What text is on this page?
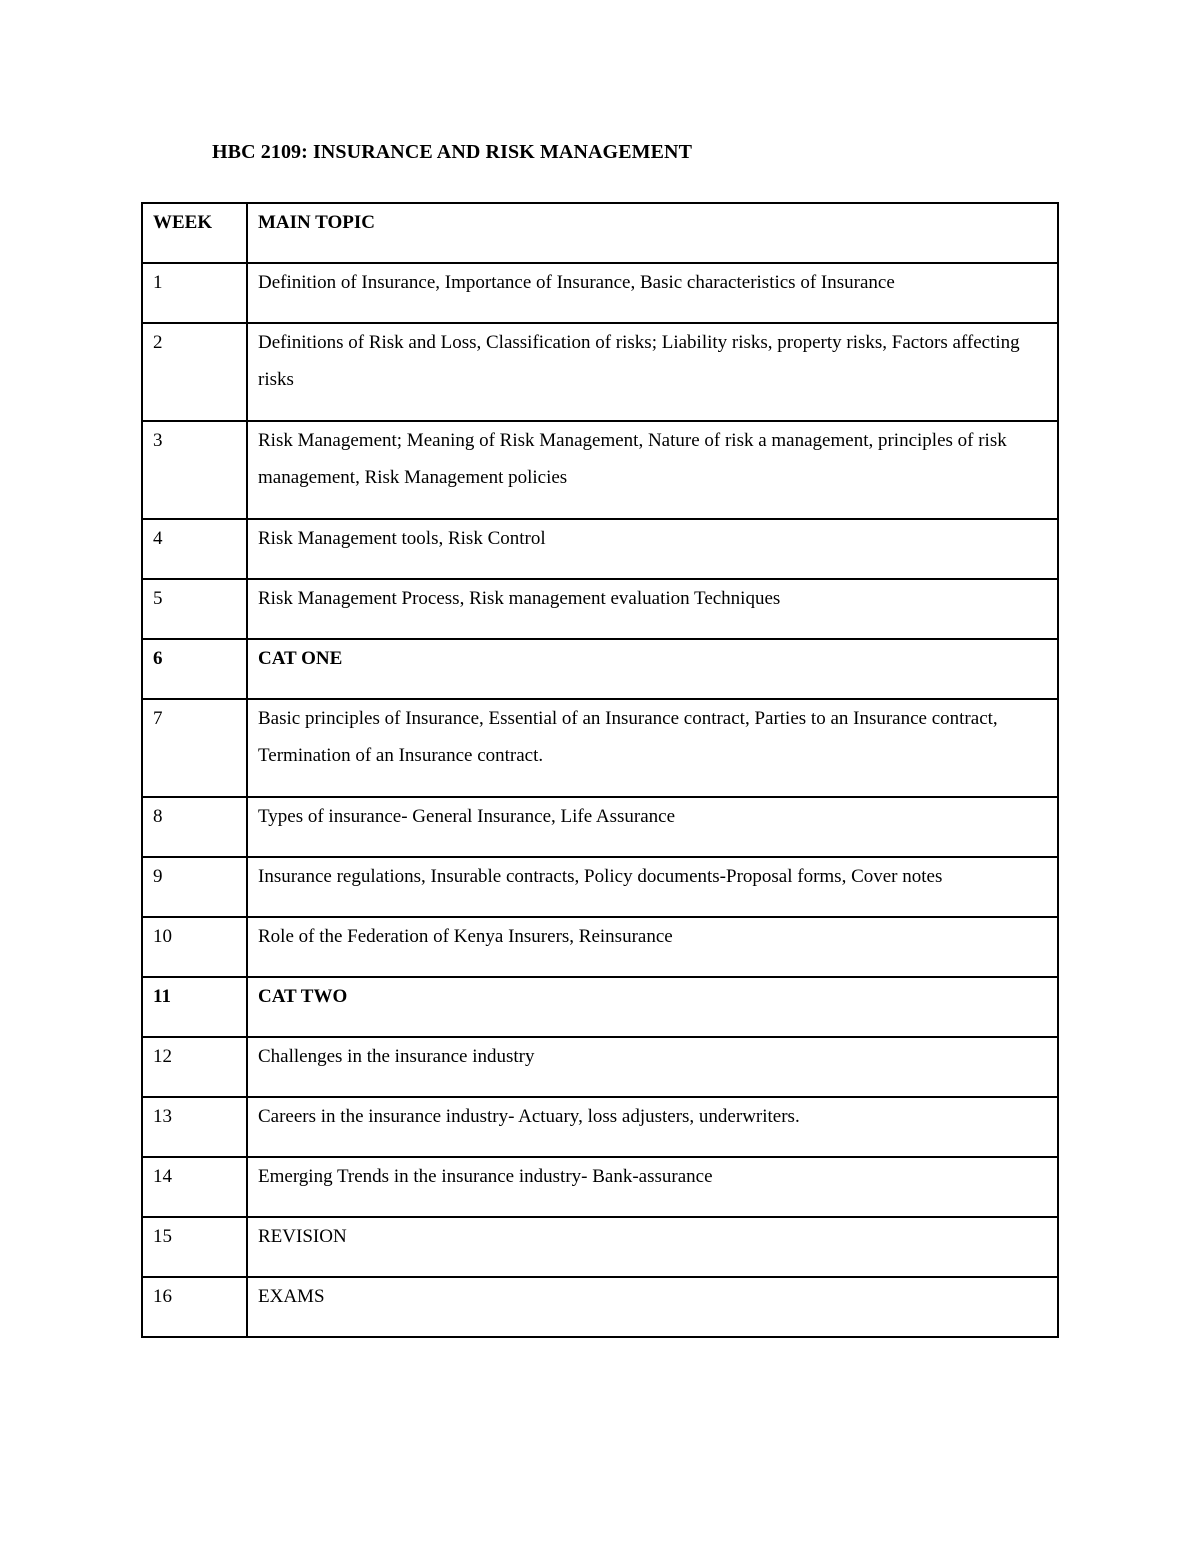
HBC 2109: INSURANCE AND RISK MANAGEMENT
WEEK	MAIN TOPIC
1	Definition of Insurance, Importance of Insurance, Basic characteristics of Insurance
2	Definitions of Risk and Loss, Classification of risks; Liability risks, property risks, Factors affecting risks
3	Risk Management; Meaning of Risk Management, Nature of risk a management, principles of risk management, Risk Management policies
4	Risk Management tools, Risk Control
5	Risk Management Process, Risk management evaluation Techniques
6	CAT ONE
7	Basic principles of Insurance, Essential of an Insurance contract, Parties to an Insurance contract, Termination of an Insurance contract.
8	Types of insurance- General Insurance, Life Assurance
9	Insurance regulations, Insurable contracts, Policy documents-Proposal forms, Cover notes
10	Role of the Federation of Kenya Insurers, Reinsurance
11	CAT TWO
12	Challenges in the insurance industry
13	Careers in the insurance industry- Actuary, loss adjusters, underwriters.
14	Emerging Trends in the insurance industry- Bank-assurance
15	REVISION
16	EXAMS
